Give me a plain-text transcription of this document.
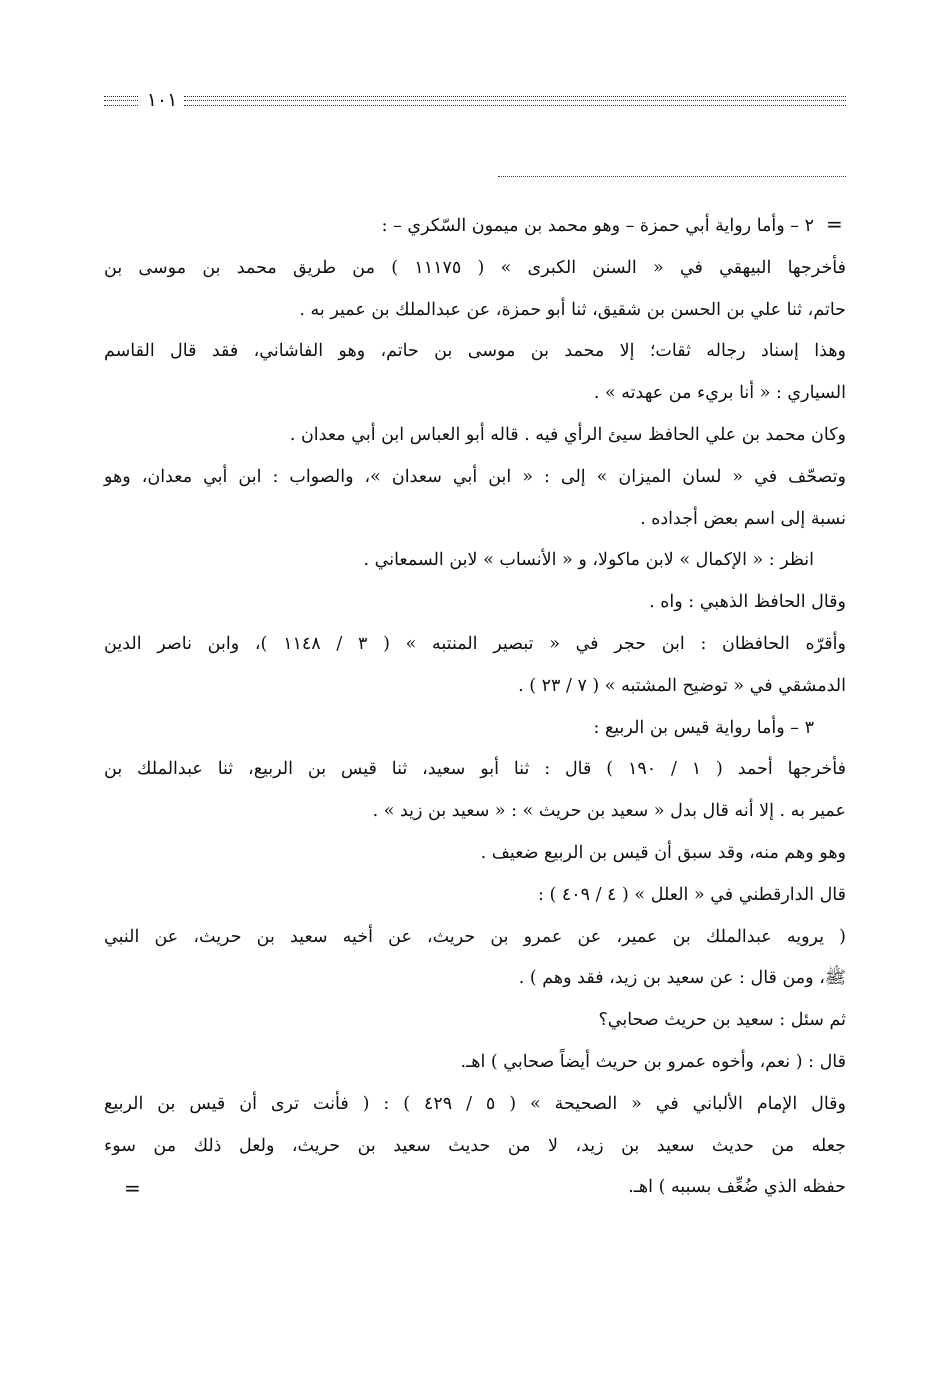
١٠١
=

٢ – وأما رواية أبي حمزة – وهو محمد بن ميمون السّكري – :

فأخرجها البيهقي في « السنن الكبرى » ( ١١١٧٥ ) من طريق محمد بن موسى بن

حاتم، ثنا علي بن الحسن بن شقيق، ثنا أبو حمزة، عن عبدالملك بن عمير به .

وهذا إسناد رجاله ثقات؛ إلا محمد بن موسى بن حاتم، وهو الفاشاني، فقد قال القاسم

السياري : « أنا بريء من عهدته » .

وكان محمد بن علي الحافظ سيئ الرأي فيه . قاله أبو العباس ابن أبي معدان .

وتصحّف في « لسان الميزان » إلى : « ابن أبي سعدان »، والصواب : ابن أبي معدان، وهو

نسبة إلى اسم بعض أجداده .

انظر : « الإكمال » لابن ماكولا، و « الأنساب » لابن السمعاني .

وقال الحافظ الذهبي : واه .

وأقرّه الحافظان : ابن حجر في « تبصير المنتبه » ( ٣ / ١١٤٨ )، وابن ناصر الدين

الدمشقي في « توضيح المشتبه » ( ٧ / ٢٣ ) .

٣ – وأما رواية قيس بن الربيع :

فأخرجها أحمد ( ١ / ١٩٠ ) قال : ثنا أبو سعيد، ثنا قيس بن الربيع، ثنا عبدالملك بن

عمير به . إلا أنه قال بدل « سعيد بن حريث » : « سعيد بن زيد » .

وهو وهم منه، وقد سبق أن قيس بن الربيع ضعيف .

قال الدارقطني في « العلل » ( ٤ / ٤٠٩ ) :

( يرويه عبدالملك بن عمير، عن عمرو بن حريث، عن أخيه سعيد بن حريث، عن النبي

ﷺ، ومن قال : عن سعيد بن زيد، فقد وهم ) .

ثم سئل : سعيد بن حريث صحابي؟

قال : ( نعم، وأخوه عمرو بن حريث أيضاً صحابي ) اهـ.

وقال الإمام الألباني في « الصحيحة » ( ٥ / ٤٢٩ ) : ( فأنت ترى أن قيس بن الربيع

جعله من حديث سعيد بن زيد، لا من حديث سعيد بن حريث، ولعل ذلك من سوء

حفظه الذي ضُعِّف بسببه ) اهـ.

=
